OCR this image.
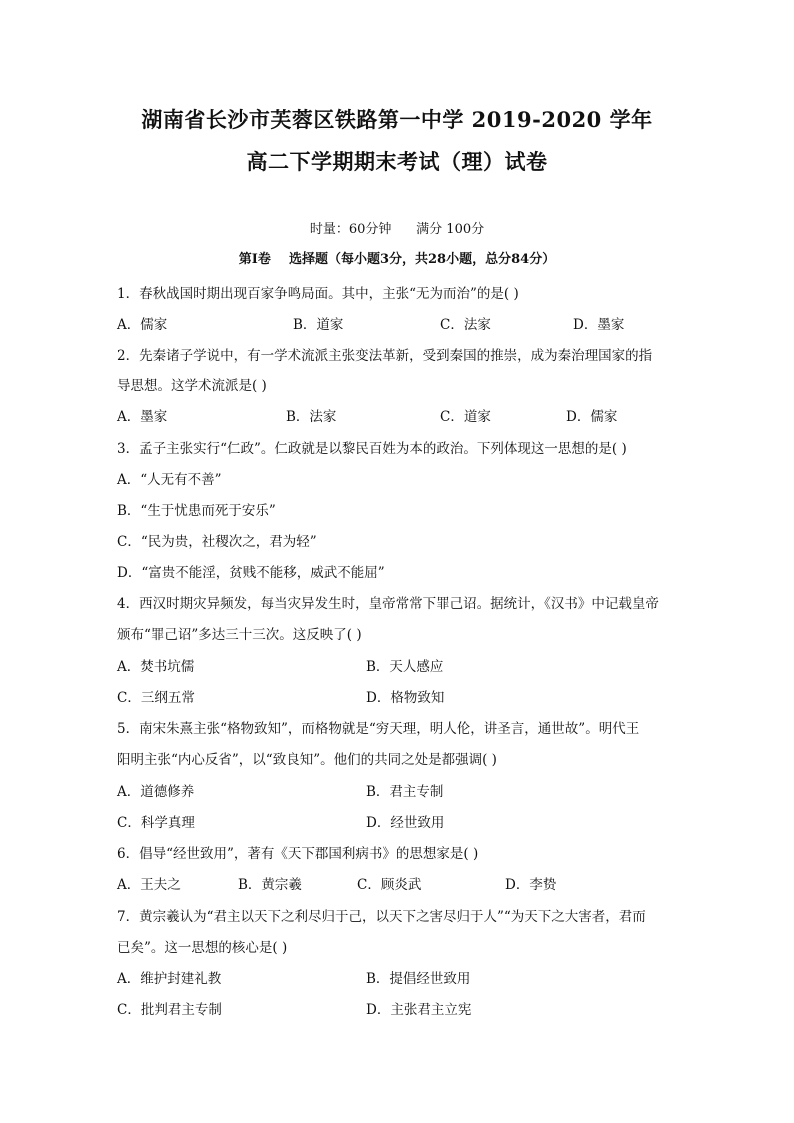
湖南省长沙市芙蓉区铁路第一中学 2019-2020 学年
高二下学期期末考试（理）试卷
时量：60分钟      满分 100分
第Ⅰ卷    选择题（每小题3分，共28小题，总分84分）
1．春秋战国时期出现百家争鸣局面。其中，主张“无为而治”的是( )
A．儒家	B．道家	C．法家	D．墨家
2．先秦诸子学说中，有一学术流派主张变法革新，受到秦国的推崇，成为秦治理国家的指
导思想。这学术流派是( )
A．墨家	B．法家	C．道家	D．儒家
3．孟子主张实行“仁政”。仁政就是以黎民百姓为本的政治。下列体现这一思想的是( )
A．“人无有不善”
B．“生于忧患而死于安乐”
C．“民为贵，社稷次之，君为轻”
D．“富贵不能淫，贫贱不能移，威武不能屈”
4．西汉时期灾异频发，每当灾异发生时，皇帝常常下罪己诏。据统计，《汉书》中记载皇帝
颁布“罪己诏”多达三十三次。这反映了( )
A．焚书坑儒	B．天人感应
C．三纲五常	D．格物致知
5．南宋朱熹主张“格物致知”，而格物就是“穷天理，明人伦，讲圣言，通世故”。明代王
阳明主张“内心反省”，以“致良知”。他们的共同之处是都强调( )
A．道德修养	B．君主专制
C．科学真理	D．经世致用
6．倡导“经世致用”，著有《天下郡国利病书》的思想家是( )
A．王夫之	B．黄宗羲	C．顾炎武	D．李贽
7．黄宗羲认为“君主以天下之利尽归于己，以天下之害尽归于人”“为天下之大害者，君而
已矣”。这一思想的核心是( )
A．维护封建礼教	B．提倡经世致用
C．批判君主专制	D．主张君主立宪
